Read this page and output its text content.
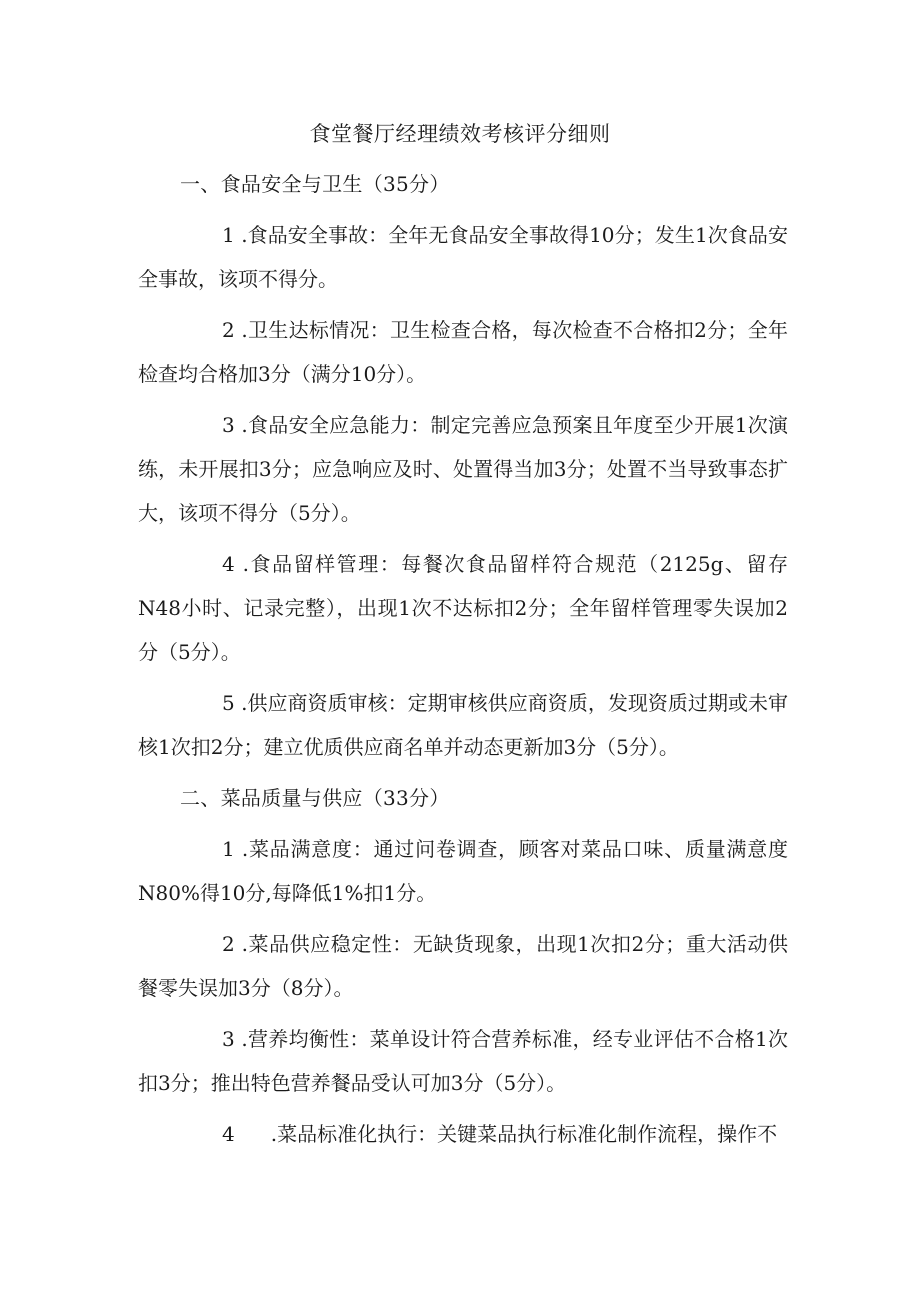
食堂餐厅经理绩效考核评分细则

一、食品安全与卫生（35分）

1 .食品安全事故：全年无食品安全事故得10分；发生1次食品安全事故，该项不得分。

2 .卫生达标情况：卫生检查合格，每次检查不合格扣2分；全年检查均合格加3分（满分10分）。

3 .食品安全应急能力：制定完善应急预案且年度至少开展1次演练，未开展扣3分；应急响应及时、处置得当加3分；处置不当导致事态扩大，该项不得分（5分）。

4 .食品留样管理：每餐次食品留样符合规范（2125g、留存N48小时、记录完整），出现1次不达标扣2分；全年留样管理零失误加2分（5分）。

5 .供应商资质审核：定期审核供应商资质，发现资质过期或未审核1次扣2分；建立优质供应商名单并动态更新加3分（5分）。

二、菜品质量与供应（33分）

1 .菜品满意度：通过问卷调查，顾客对菜品口味、质量满意度N80%得10分,每降低1%扣1分。

2 .菜品供应稳定性：无缺货现象，出现1次扣2分；重大活动供餐零失误加3分（8分）。

3 .营养均衡性：菜单设计符合营养标准，经专业评估不合格1次扣3分；推出特色营养餐品受认可加3分（5分）。

4 .菜品标准化执行：关键菜品执行标准化制作流程，操作不
